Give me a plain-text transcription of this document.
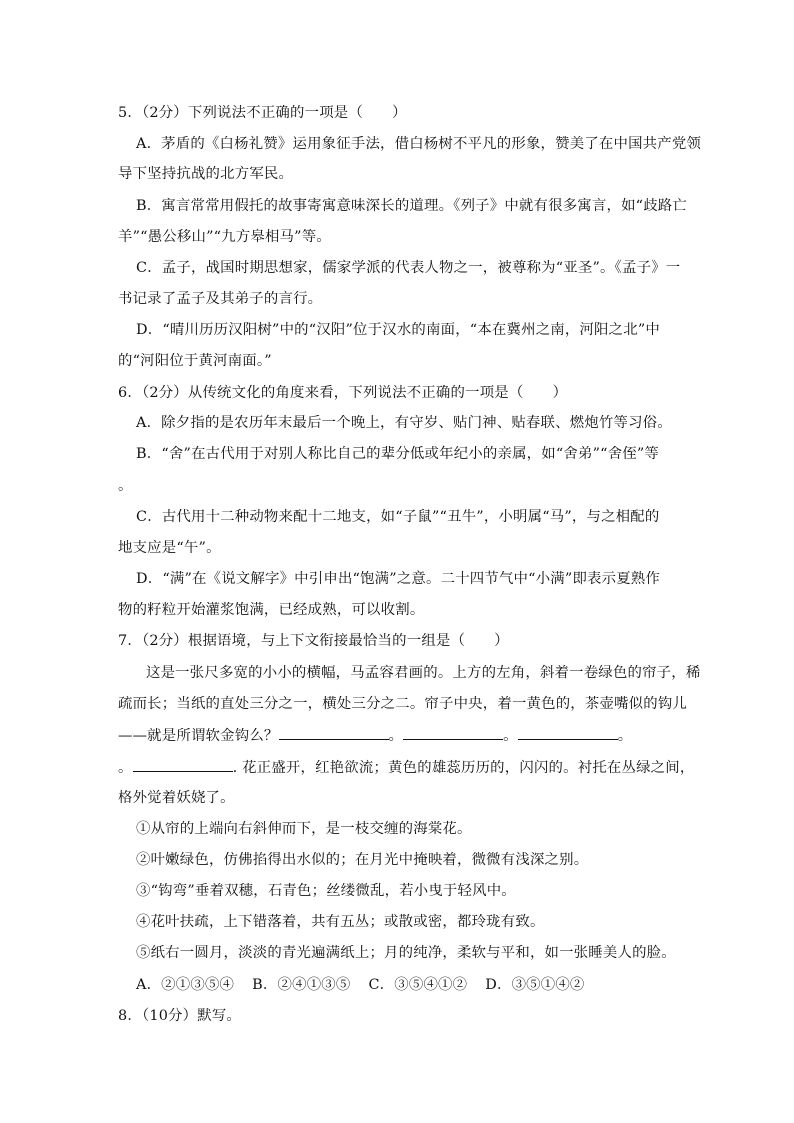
5．（2分）下列说法不正确的一项是（　　）
A．茅盾的《白杨礼赞》运用象征手法，借白杨树不平凡的形象，赞美了在中国共产党领
导下坚持抗战的北方军民。
B．寓言常常用假托的故事寄寓意味深长的道理。《列子》中就有很多寓言，如“歧路亡
羊”“愚公移山”“九方皋相马”等。
C．孟子，战国时期思想家，儒家学派的代表人物之一，被尊称为“亚圣”。《孟子》一
书记录了孟子及其弟子的言行。
D．“晴川历历汉阳树”中的“汉阳”位于汉水的南面，“本在冀州之南，河阳之北”中
的“河阳位于黄河南面。”
6．（2分）从传统文化的角度来看，下列说法不正确的一项是（　　）
A．除夕指的是农历年末最后一个晚上，有守岁、贴门神、贴春联、燃炮竹等习俗。
B．“舍”在古代用于对别人称比自己的辈分低或年纪小的亲属，如“舍弟”“舍侄”等
。
C．古代用十二种动物来配十二地支，如“子鼠”“丑牛”，小明属“马”，与之相配的
地支应是“午”。
D．“满”在《说文解字》中引申出“饱满”之意。二十四节气中“小满”即表示夏熟作
物的籽粒开始灌浆饱满，已经成熟，可以收割。
7．（2分）根据语境，与上下文衔接最恰当的一组是（　　）
这是一张尺多宽的小小的横幅，马孟容君画的。上方的左角，斜着一卷绿色的帘子，稀
疏而长；当纸的直处三分之一，横处三分之二。帘子中央，着一黄色的，茶壶嘴似的钩儿
——就是所谓软金钩么？	。	。	。
。	. 花正盛开，红艳欲流；黄色的雄蕊历历的，闪闪的。衬托在丛绿之间，
格外觉着妖娆了。
①从帘的上端向右斜伸而下，是一枝交缠的海棠花。
②叶嫩绿色，仿佛掐得出水似的；在月光中掩映着，微微有浅深之别。
③“钩弯”垂着双穗，石青色；丝缕微乱，若小曳于轻风中。
④花叶扶疏，上下错落着，共有五丛；或散或密，都玲珑有致。
⑤纸右一圆月，淡淡的青光遍满纸上；月的纯净，柔软与平和，如一张睡美人的脸。
A．②①③⑤④ B．②④①③⑤ C．③⑤④①② D．③⑤①④②
8．（10分）默写。
